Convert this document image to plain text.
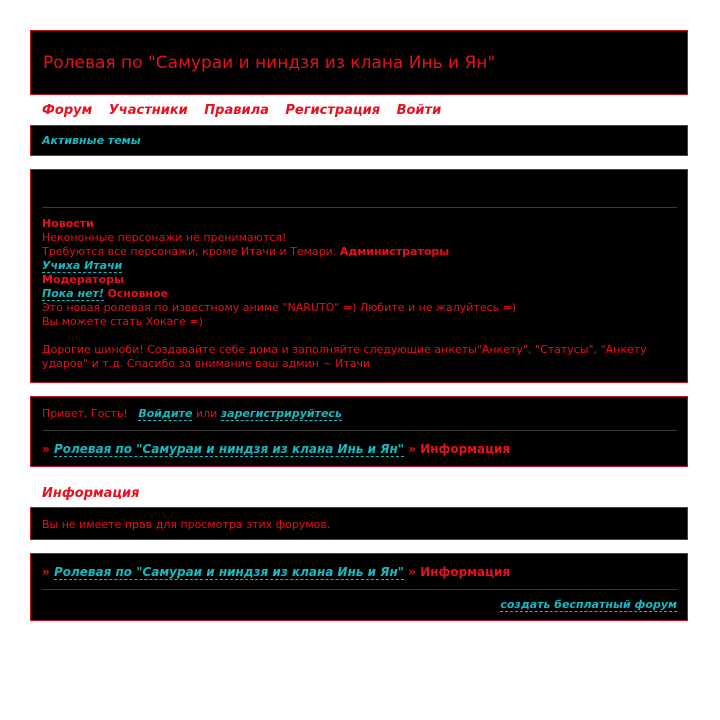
Ролевая по "Самураи и ниндзя из клана Инь и Ян"
Форум Участники Правила Регистрация Войти
Активные темы
Новости
Некононные персонажи не пренимаются!
Требуются все персонажи, кроме Итачи и Темари. Администраторы
Учиха Итачи
Модераторы
Пока нет! Основное
Это новая ролевая по известному аниме "NARUTO" =) Любите и не жалуйтесь =)
Вы можете стать Хокаге =)
Дорогие шиноби! Создавайте себе дома и заполняйте следующие анкеты"Анкету", "Статусы", "Анкету ударов" и т.д. Спасибо за внимание ваш админ ~ Итачи
Привет, Гость! Войдите или зарегистрируйтесь
» Ролевая по "Самураи и ниндзя из клана Инь и Ян" » Информация
Информация
Вы не имеете прав для просмотра этих форумов.
» Ролевая по "Самураи и ниндзя из клана Инь и Ян" » Информация
создать бесплатный форум
